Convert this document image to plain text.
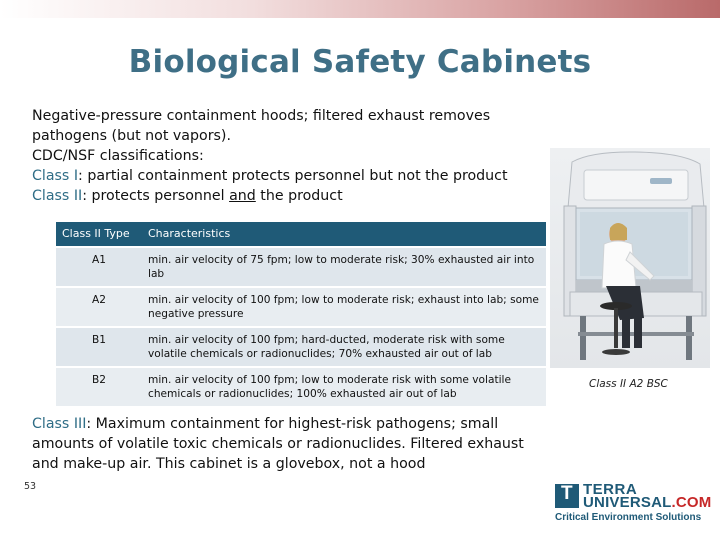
Biological Safety Cabinets
Negative-pressure containment hoods; filtered exhaust removes
pathogens (but not vapors).
CDC/NSF classifications:
Class I: partial containment protects personnel but not the product
Class II: protects personnel and the product
Class II Type	Characteristics
A1	min. air velocity of 75 fpm; low to moderate risk; 30% exhausted air into lab
A2	min. air velocity of 100 fpm; low to moderate risk; exhaust into lab; some negative pressure
B1	min. air velocity of 100 fpm; hard-ducted, moderate risk with some volatile chemicals or radionuclides; 70% exhausted air out of lab
B2	min. air velocity of 100 fpm; low to moderate risk with some volatile chemicals or radionuclides; 100% exhausted air out of lab
Class III: Maximum containment for highest-risk pathogens; small amounts of volatile toxic chemicals or radionuclides. Filtered exhaust and make-up air. This cabinet is a glovebox, not a hood
Class II A2 BSC
53 T	TERRA
UNIVERSAL.COM
Critical Environment Solutions
